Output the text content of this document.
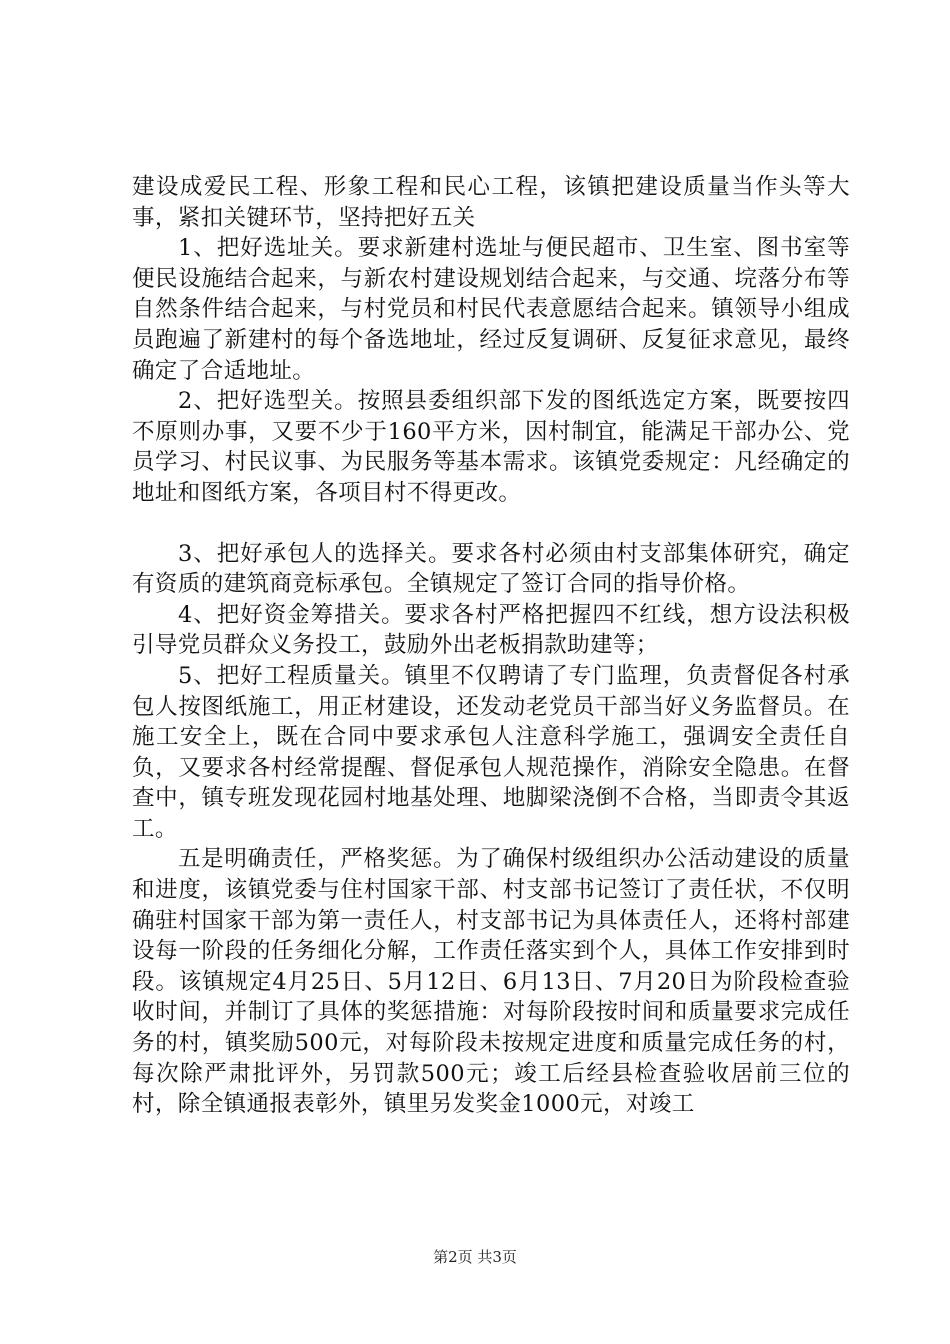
建设成爱民工程、形象工程和民心工程，该镇把建设质量当作头等大事，紧扣关键环节，坚持把好五关

1、把好选址关。要求新建村选址与便民超市、卫生室、图书室等便民设施结合起来，与新农村建设规划结合起来，与交通、垸落分布等自然条件结合起来，与村党员和村民代表意愿结合起来。镇领导小组成员跑遍了新建村的每个备选地址，经过反复调研、反复征求意见，最终确定了合适地址。

2、把好选型关。按照县委组织部下发的图纸选定方案，既要按四不原则办事，又要不少于160平方米，因村制宜，能满足干部办公、党员学习、村民议事、为民服务等基本需求。该镇党委规定：凡经确定的地址和图纸方案，各项目村不得更改。

3、把好承包人的选择关。要求各村必须由村支部集体研究，确定有资质的建筑商竞标承包。全镇规定了签订合同的指导价格。

4、把好资金筹措关。要求各村严格把握四不红线，想方设法积极引导党员群众义务投工，鼓励外出老板捐款助建等；

5、把好工程质量关。镇里不仅聘请了专门监理，负责督促各村承包人按图纸施工，用正材建设，还发动老党员干部当好义务监督员。在施工安全上，既在合同中要求承包人注意科学施工，强调安全责任自负，又要求各村经常提醒、督促承包人规范操作，消除安全隐患。在督查中，镇专班发现花园村地基处理、地脚梁浇倒不合格，当即责令其返工。

五是明确责任，严格奖惩。为了确保村级组织办公活动建设的质量和进度，该镇党委与住村国家干部、村支部书记签订了责任状，不仅明确驻村国家干部为第一责任人，村支部书记为具体责任人，还将村部建设每一阶段的任务细化分解，工作责任落实到个人，具体工作安排到时段。该镇规定4月25日、5月12日、6月13日、7月20日为阶段检查验收时间，并制订了具体的奖惩措施：对每阶段按时间和质量要求完成任务的村，镇奖励500元，对每阶段未按规定进度和质量完成任务的村，每次除严肃批评外，另罚款500元；竣工后经县检查验收居前三位的村，除全镇通报表彰外，镇里另发奖金1000元，对竣工

第2页 共3页
